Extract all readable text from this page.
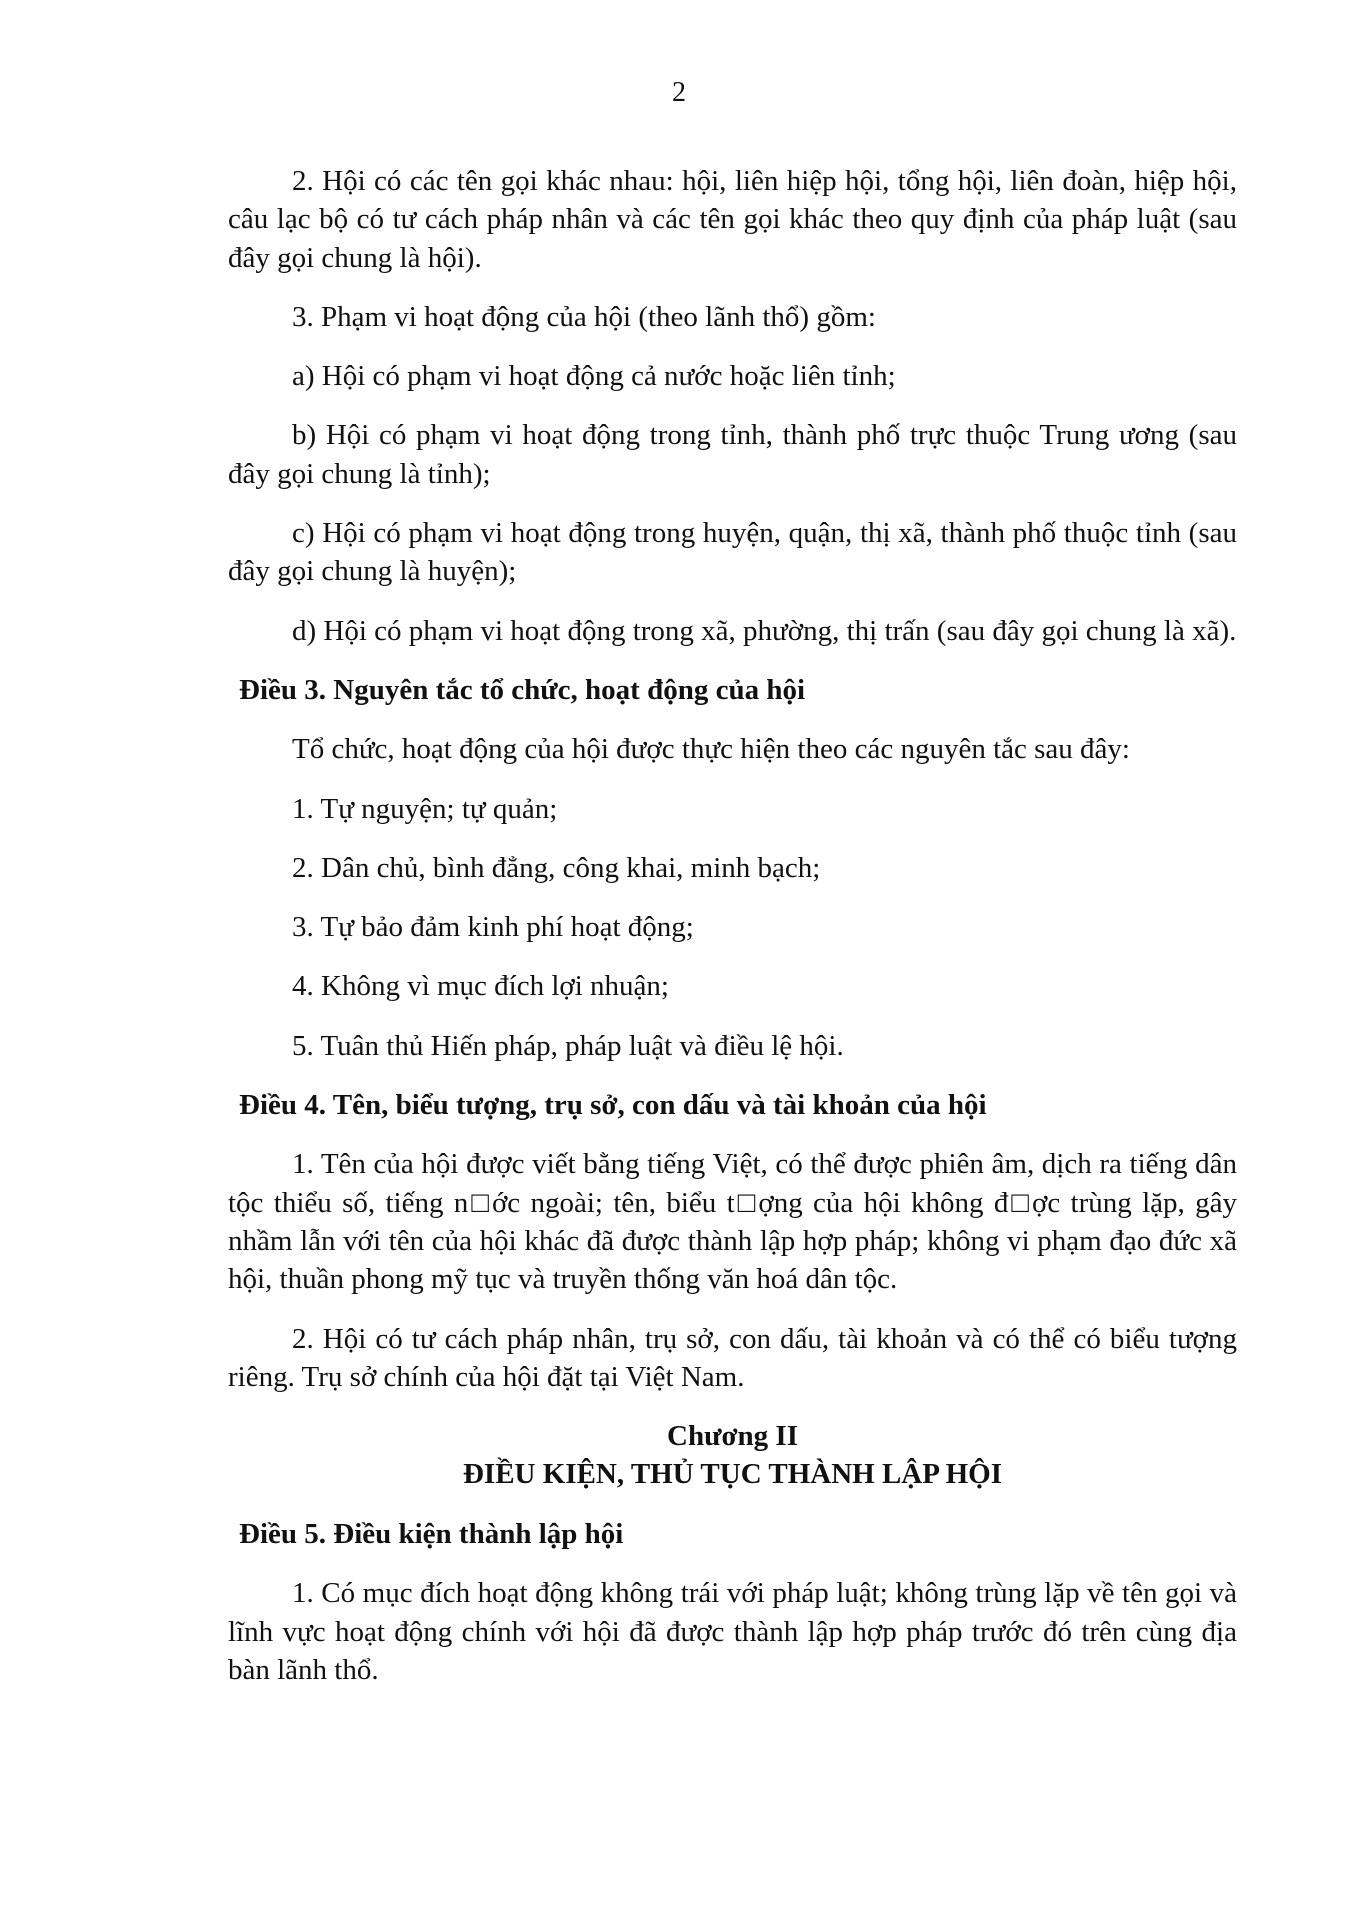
2

2. Hội có các tên gọi khác nhau: hội, liên hiệp hội, tổng hội, liên đoàn, hiệp hội, câu lạc bộ có tư cách pháp nhân và các tên gọi khác theo quy định của pháp luật (sau đây gọi chung là hội).

3. Phạm vi hoạt động của hội (theo lãnh thổ) gồm:

a) Hội có phạm vi hoạt động cả nước hoặc liên tỉnh;

b) Hội có phạm vi hoạt động trong tỉnh, thành phố trực thuộc Trung ương (sau đây gọi chung là tỉnh);

c) Hội có phạm vi hoạt động trong huyện, quận, thị xã, thành phố thuộc tỉnh (sau đây gọi chung là huyện);

d) Hội có phạm vi hoạt động trong xã, phường, thị trấn (sau đây gọi chung là xã).

Điều 3. Nguyên tắc tổ chức, hoạt động của hội

Tổ chức, hoạt động của hội được thực hiện theo các nguyên tắc sau đây:

1. Tự nguyện; tự quản;

2. Dân chủ, bình đẳng, công khai, minh bạch;

3. Tự bảo đảm kinh phí hoạt động;

4. Không vì mục đích lợi nhuận;

5. Tuân thủ Hiến pháp, pháp luật và điều lệ hội.

Điều 4. Tên, biểu tượng, trụ sở, con dấu và tài khoản của hội

1. Tên của hội được viết bằng tiếng Việt, có thể được phiên âm, dịch ra tiếng dân tộc thiểu số, tiếng n□ớc ngoài; tên, biểu t□ợng của hội không đ□ợc trùng lặp, gây nhầm lẫn với tên của hội khác đã được thành lập hợp pháp; không vi phạm đạo đức xã hội, thuần phong mỹ tục và truyền thống văn hoá dân tộc.

2. Hội có tư cách pháp nhân, trụ sở, con dấu, tài khoản và có thể có biểu tượng riêng. Trụ sở chính của hội đặt tại Việt Nam.

Chương II
ĐIỀU KIỆN, THỦ TỤC THÀNH LẬP HỘI

Điều 5. Điều kiện thành lập hội

1. Có mục đích hoạt động không trái với pháp luật; không trùng lặp về tên gọi và lĩnh vực hoạt động chính với hội đã được thành lập hợp pháp trước đó trên cùng địa bàn lãnh thổ.
